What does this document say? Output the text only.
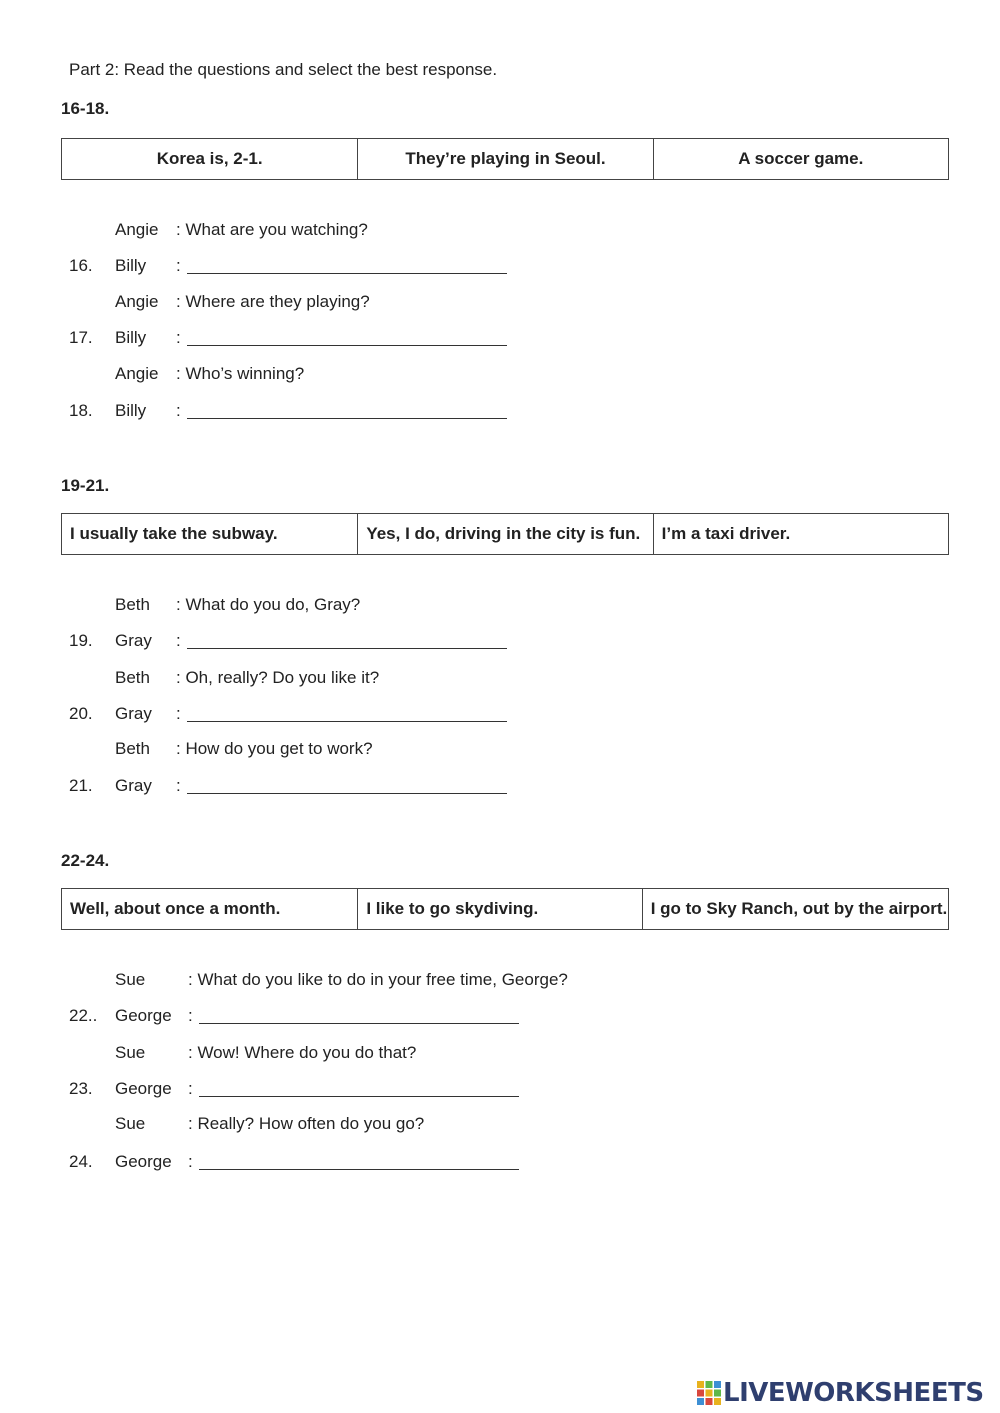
Part 2: Read the questions and select the best response.
16-18.
Korea is, 2-1.	They’re playing in Seoul.	A soccer game.
Angie : What are you watching?
16. Billy :
Angie : Where are they playing?
17. Billy :
Angie : Who’s winning?
18. Billy :
19-21.
I usually take the subway.	Yes, I do, driving in the city is fun.	I’m a taxi driver.
Beth : What do you do, Gray?
19. Gray :
Beth : Oh, really? Do you like it?
20. Gray :
Beth : How do you get to work?
21. Gray :
22-24.
Well, about once a month.	I like to go skydiving.	I go to Sky Ranch, out by the airport.
Sue	: What do you like to do in your free time, George?
22.. George :
Sue	: Wow! Where do you do that?
23. George :
Sue	: Really? How often do you go?
24. George :
LIVEWORKSHEETS
